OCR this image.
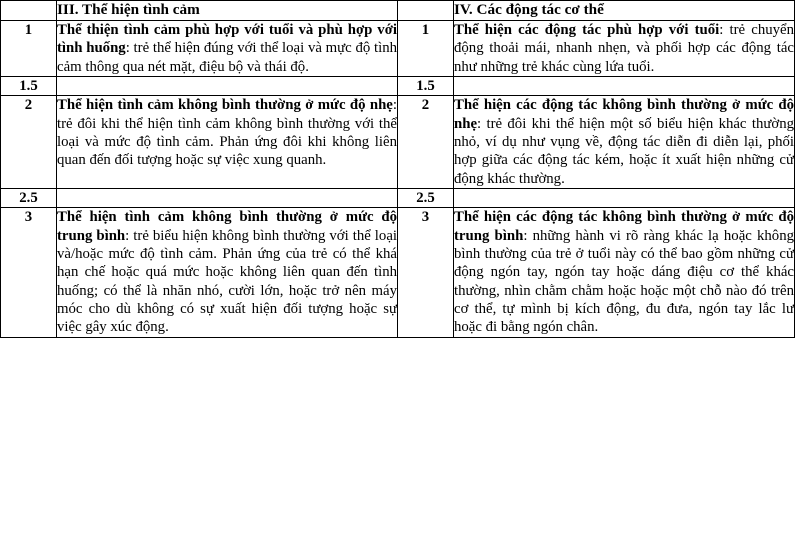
	III. Thể hiện tình cảm		IV. Các động tác cơ thể
1	Thể thiện tình cảm phù hợp với tuổi và phù hợp với tình huống: trẻ thể hiện đúng với thể loại và mực độ tình cảm thông qua nét mặt, điệu bộ và thái độ.	1	Thể hiện các động tác phù hợp với tuổi: trẻ chuyển động thoải mái, nhanh nhẹn, và phối hợp các động tác như những trẻ khác cùng lứa tuổi.
1.5		1.5	
2	Thể hiện tình cảm không bình thường ở mức độ nhẹ: trẻ đôi khi thể hiện tình cảm không bình thường với thể loại và mức độ tình cảm. Phản ứng đôi khi không liên quan đến đối tượng hoặc sự việc xung quanh.	2	Thể hiện các động tác không bình thường ở mức độ nhẹ: trẻ đôi khi thể hiện một số biểu hiện khác thường nhỏ, ví dụ như vụng về, động tác diễn đi diễn lại, phối hợp giữa các động tác kém, hoặc ít xuất hiện những cử động khác thường.
2.5		2.5	
3	Thể hiện tình cảm không bình thường ở mức độ trung bình: trẻ biểu hiện không bình thường với thể loại và/hoặc mức độ tình cảm. Phản ứng của trẻ có thể khá hạn chế hoặc quá mức hoặc không liên quan đến tình huống; có thể là nhăn nhó, cười lớn, hoặc trở nên máy móc cho dù không có sự xuất hiện đối tượng hoặc sự việc gây xúc động.	3	Thể hiện các động tác không bình thường ở mức độ trung bình: những hành vi rõ ràng khác lạ hoặc không bình thường của trẻ ở tuổi này có thể bao gồm những cử động ngón tay, ngón tay hoặc dáng điệu cơ thể khác thường, nhìn chằm chằm hoặc hoặc một chỗ nào đó trên cơ thể, tự mình bị kích động, đu đưa, ngón tay lắc lư hoặc đi bằng ngón chân.
